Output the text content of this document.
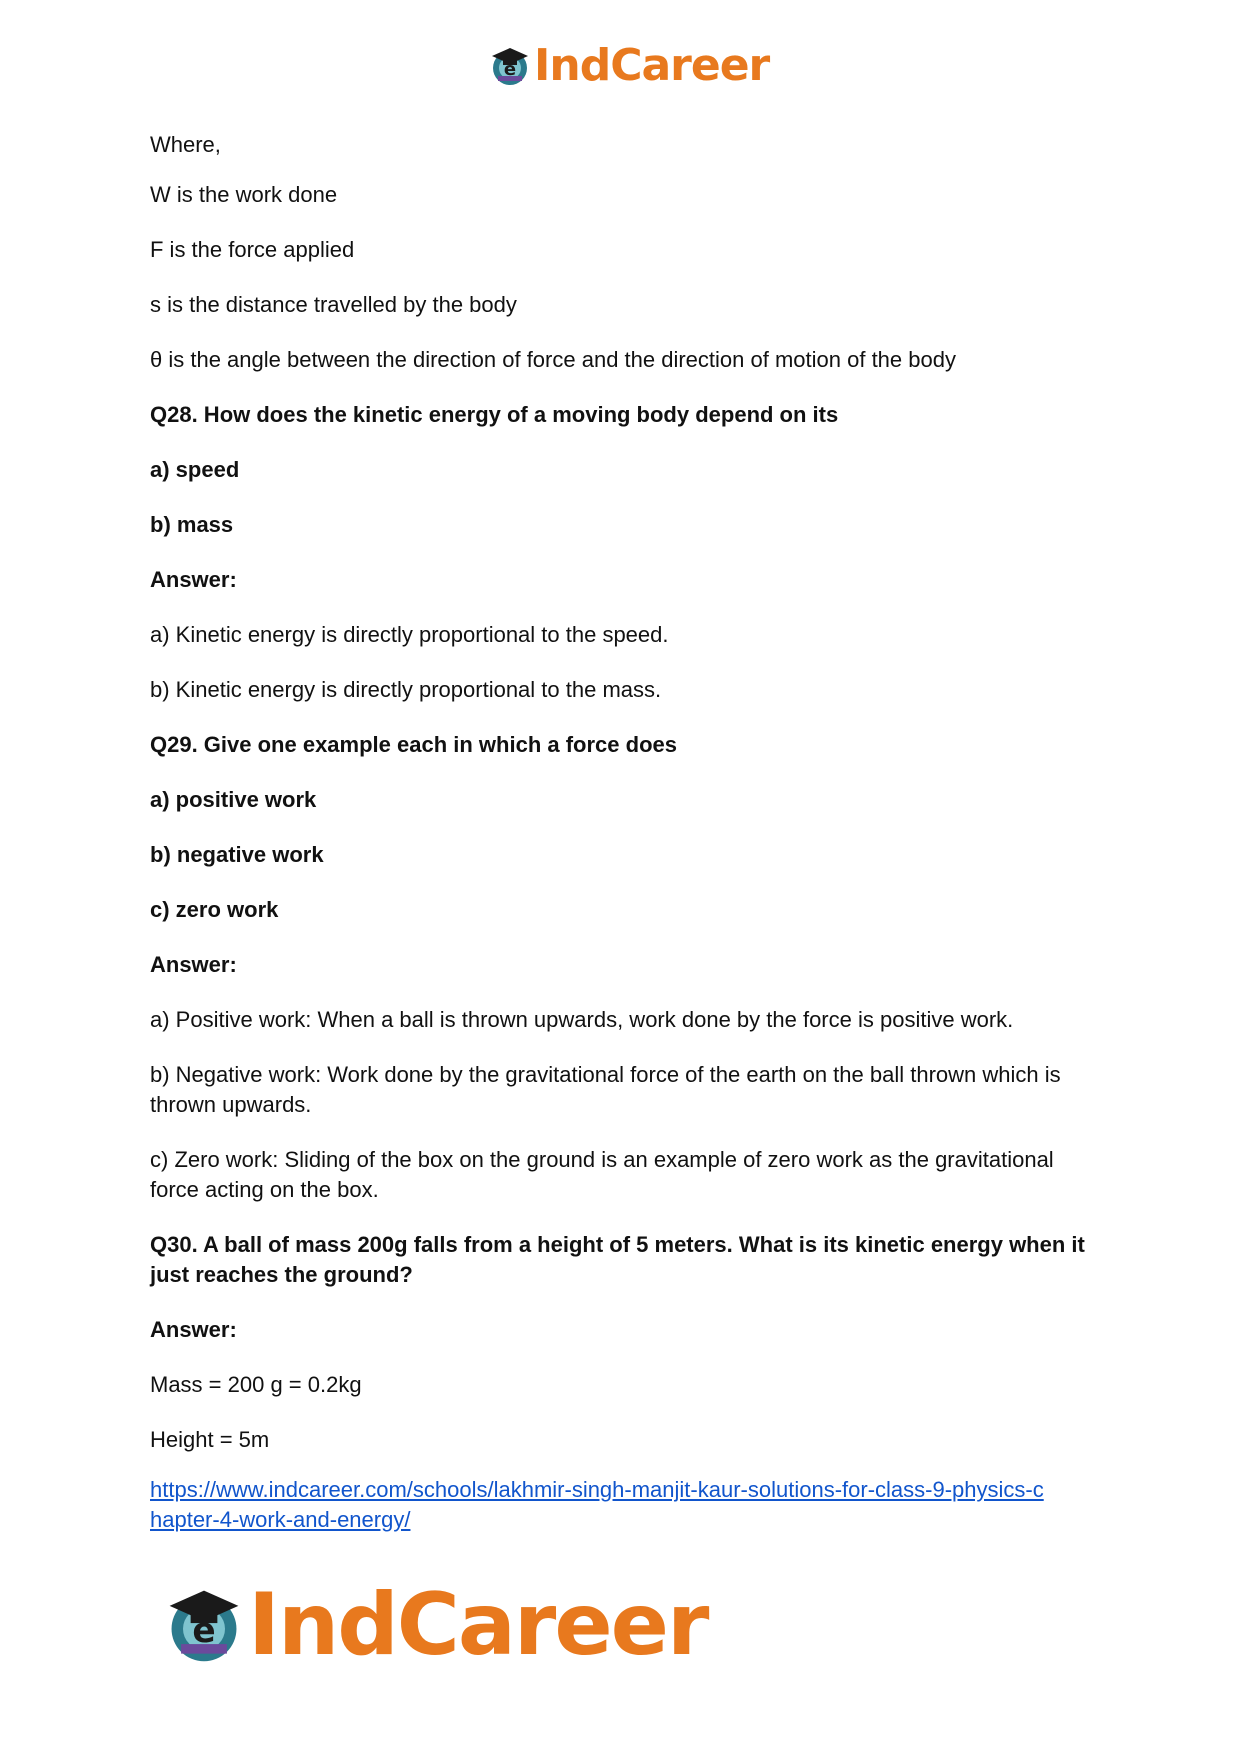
e IndCareer
Where,
W is the work done
F is the force applied
s is the distance travelled by the body
θ is the angle between the direction of force and the direction of motion of the body
Q28. How does the kinetic energy of a moving body depend on its
a) speed
b) mass
Answer:
a) Kinetic energy is directly proportional to the speed.
b) Kinetic energy is directly proportional to the mass.
Q29. Give one example each in which a force does
a) positive work
b) negative work
c) zero work
Answer:
a) Positive work: When a ball is thrown upwards, work done by the force is positive work.
b) Negative work: Work done by the gravitational force of the earth on the ball thrown which is thrown upwards.
c) Zero work: Sliding of the box on the ground is an example of zero work as the gravitational force acting on the box.
Q30. A ball of mass 200g falls from a height of 5 meters. What is its kinetic energy when it just reaches the ground?
Answer:
Mass = 200 g = 0.2kg
Height = 5m
https://www.indcareer.com/schools/lakhmir-singh-manjit-kaur-solutions-for-class-9-physics-c
hapter-4-work-and-energy/
e IndCareer
